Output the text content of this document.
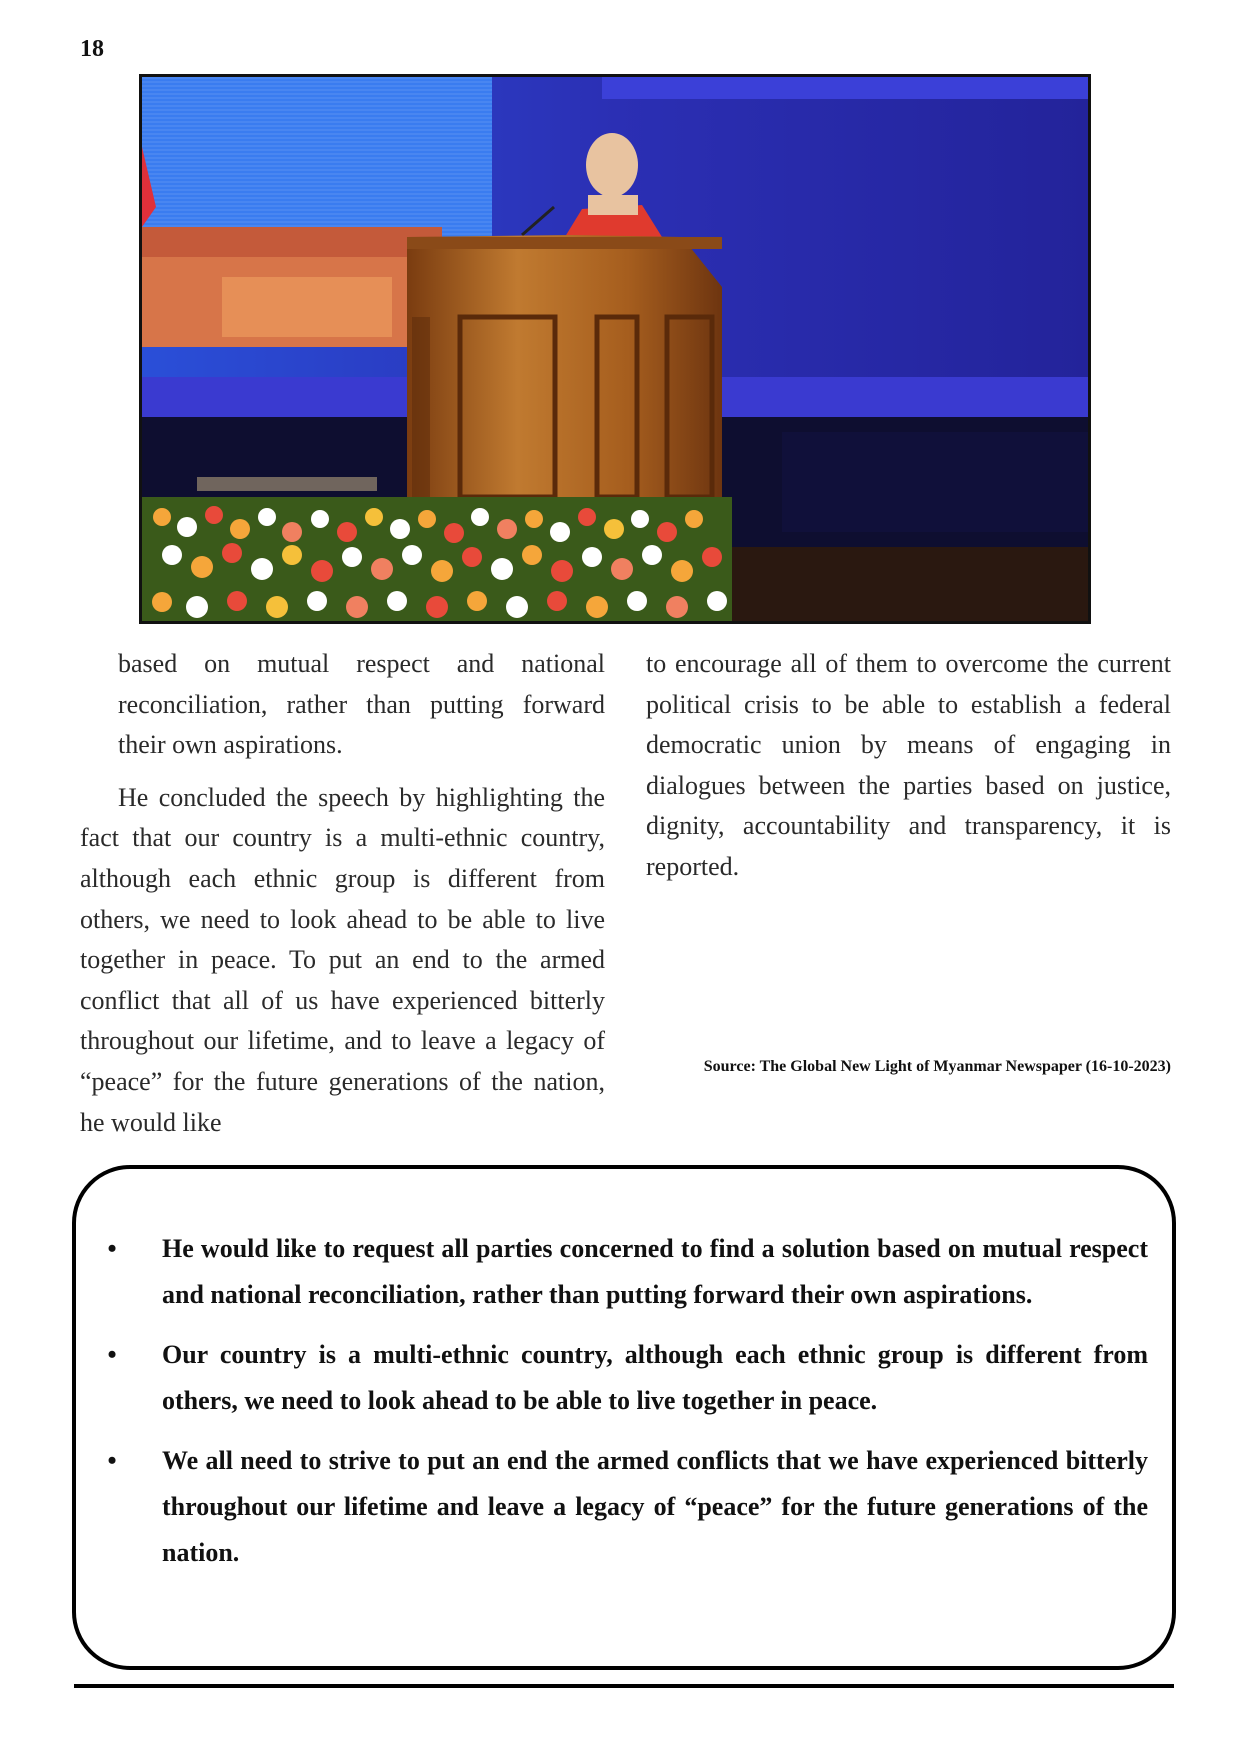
18

based on mutual respect and national reconciliation, rather than putting forward their own aspirations.

He concluded the speech by highlighting the fact that our country is a multi-ethnic country, although each ethnic group is different from others, we need to look ahead to be able to live together in peace. To put an end to the armed conflict that all of us have experienced bitterly throughout our lifetime, and to leave a legacy of “peace” for the future generations of the nation, he would like

to encourage all of them to overcome the current political crisis to be able to establish a federal democratic union by means of engaging in dialogues between the parties based on justice, dignity, accountability and transparency, it is reported.

Source: The Global New Light of Myanmar Newspaper (16-10-2023)
• He would like to request all parties concerned to find a solution based on mutual respect and national reconciliation, rather than putting forward their own aspirations.
• Our country is a multi-ethnic country, although each ethnic group is different from others, we need to look ahead to be able to live together in peace.
• We all need to strive to put an end the armed conflicts that we have experienced bitterly throughout our lifetime and leave a legacy of “peace” for the future generations of the nation.
